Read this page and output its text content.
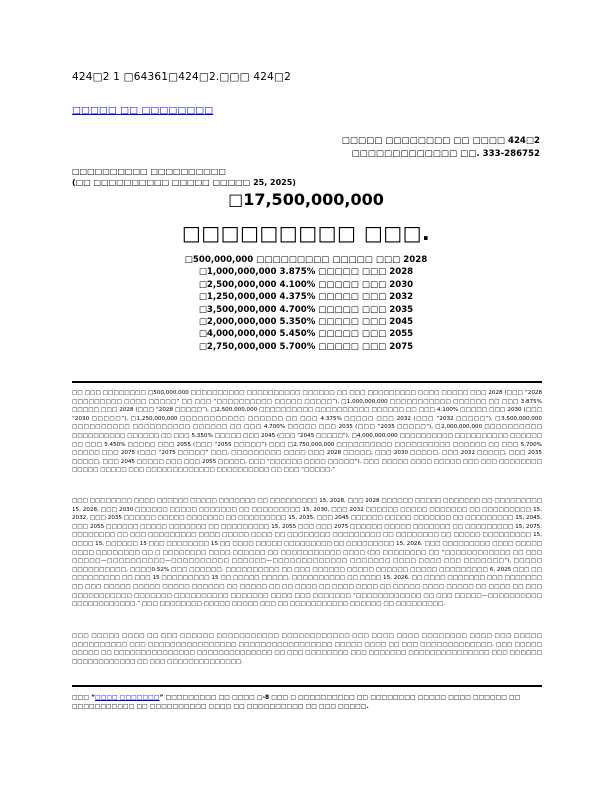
424□2 1 □64361□424□2.□□□ 424□2
□□□□□ □□ □□□□□□□□
□□□□□ □□□□□□□□ □□ □□□□ 424□2
□□□□□□□□□□□□□ □□. 333-286752
□□□□□□□□□□ □□□□□□□□□□
(□□ □□□□□□□□□□ □□□□□ □□□□□ 25, 2025)
□17,500,000,000
□□□□□□□□□ □□□.
□500,000,000 □□□□□□□□□ □□□□□ □□□ 2028
□1,000,000,000 3.875% □□□□□ □□□ 2028
□2,500,000,000 4.100% □□□□□ □□□ 2030
□1,250,000,000 4.375% □□□□□ □□□ 2032
□3,500,000,000 4.700% □□□□□ □□□ 2035
□2,000,000,000 5.350% □□□□□ □□□ 2045
□4,000,000,000 5.450% □□□□□ □□□ 2055
□2,750,000,000 5.700% □□□□□ □□□ 2075
□□ □□□ □□□□□□□□ □500,000,000 □□□□□□□□□□ □□□□□□□□□□ □□□□□□ □□ □□□ □□□□□□□□□ □□□□ □□□□□ □□□ 2028 (□□□ “2028 □□□□□□□□□ □□□□ □□□□□” □□ □□□ “□□□□□□□□□□ □□□□□ □□□□□”), □1,000,000,000 □□□□□□□□□□□ □□□□□□ □□ □□□ 3.875% □□□□□ □□□ 2028 (□□□ “2028 □□□□□”), □2,500,000,000 □□□□□□□□□□ □□□□□□□□□□ □□□□□□ □□ □□□ 4.100% □□□□□ □□□ 2030 (□□□ “2030 □□□□□”), □1,250,000,000 □□□□□□□□□□□ □□□□□□ □□ □□□ 4.375% □□□□□ □□□ 2032 (□□□ “2032 □□□□□”), □3,500,000,000 □□□□□□□□□□ □□□□□□□□□□ □□□□□□ □□ □□□ 4.700% □□□□□ □□□ 2035 (□□□ “2035 □□□□□”), □2,000,000,000 □□□□□□□□□□ □□□□□□□□□□ □□□□□□ □□ □□□ 5.350% □□□□□ □□□ 2045 (□□□ “2045 □□□□□”), □4,000,000,000 □□□□□□□□□□ □□□□□□□□□□ □□□□□□ □□ □□□ 5.450% □□□□□ □□□ 2055 (□□□ “2055 □□□□□”) □□□ □2,750,000,000 □□□□□□□□□□ □□□□□□□□□□ □□□□□□ □□ □□□ 5.700% □□□□□ □□□ 2075 (□□□ “2075 □□□□□” □□□, □□□□□□□□□ □□□□ □□□ 2028 □□□□□, □□□ 2030 □□□□□, □□□ 2032 □□□□□, □□□ 2035 □□□□□, □□□ 2045 □□□□□ □□□ □□□ 2055 □□□□□, □□□ “□□□□□□ □□□□ □□□□□”). □□□ □□□□□ □□□□ □□□□□ □□□ □□□ □□□□□□□□ □□□□□ □□□□□ □□□ □□□□□□□□□□□□□ □□□□□□□□□□ □□ □□□ “□□□□□.”
□□□ □□□□□□□□ □□□□ □□□□□□ □□□□□ □□□□□□□ □□ □□□□□□□□□ 15, 2028, □□□ 2028 □□□□□□ □□□□□ □□□□□□□ □□ □□□□□□□□□ 15, 2028, □□□ 2030 □□□□□□ □□□□□ □□□□□□□ □□ □□□□□□□□□ 15, 2030, □□□ 2032 □□□□□□ □□□□□ □□□□□□□ □□ □□□□□□□□□ 15, 2032, □□□ 2035 □□□□□□ □□□□□ □□□□□□□ □□ □□□□□□□□□ 15, 2035, □□□ 2045 □□□□□□ □□□□□ □□□□□□□ □□ □□□□□□□□□ 15, 2045, □□□ 2055 □□□□□□ □□□□□ □□□□□□□ □□ □□□□□□□□□ 15, 2055 □□□ □□□ 2075 □□□□□□ □□□□□ □□□□□□□ □□ □□□□□□□□□ 15, 2075. □□□□□□□□ □□ □□□ □□□□□□□□□ □□□□ □□□□□ □□□□ □□ □□□□□□□□ □□□□□□□□□ □□ □□□□□□□□ □□ □□□□□ □□□□□□□□□ 15, □□□□ 15, □□□□□□ 15 □□□ □□□□□□□□ 15 □□ □□□□ □□□□□ □□□□□□□□□ □□ □□□□□□□□□ 15, 2026. □□□ □□□□□□□□□ □□□□ □□□□□ □□□□ □□□□□□□□ □□ □ □□□□□□□□ □□□□ □□□□□□ □□ □□□□□□□□□□□ □□□□ (□□ □□□□□□□□ □□ “□□□□□□□□□□□□ □□ □□□ □□□□□—□□□□□□□□□□—□□□□□□□□□□ □□□□□□—□□□□□□□□□□□□□ □□□□□□□ □□□□ □□□□ □□□ □□□□□□□”), □□□□□ □□□□□□□□□□, □□□□0.52% □□□ □□□□□□. □□□□□□□□□□ □□ □□□ □□□□□□ □□□□□ □□□□□□ □□□□□ □□□□□□□□□ 6, 2025 □□□ □□ □□□□□□□□□ □□ □□□ 15 □□□□□□□□□ 15 □□ □□□□□ □□□□□, □□□□□□□□□□ □□ □□□□ 15, 2026. □□ □□□□ □□□□□□□ □□□ □□□□□□□ □□ □□□ □□□□□ □□□□□ □□□□□ □□□□□□ □□ □□□□□ □□ □□ □□□□ □□ □□□□ □□□□ □□ □□□□□ □□□□ □□□□□ □□ □□□□ □□ □□□ □□□□□□□□□□□ □□□□□□□ □□□□□□□□□□ □□□□□□□ □□□□ □□□ □□□□□□□ “□□□□□□□□□□□□ □□ □□□ □□□□□—□□□□□□□□□□ □□□□□□□□□□□□.” □□□ □□□□□□□□ □□□□□ □□□□□ □□□ □□ □□□□□□□□□□□ □□□□□□ □□ □□□□□□□□□.
□□□ □□□□□ □□□□ □□ □□□ □□□□□□ □□□□□□□□□□□ □□□□□□□□□□□□ □□□ □□□□ □□□□ □□□□□□□□ □□□□ □□□ □□□□□ □□□□□□□□□□ □□□ □□□□□□□□□□□□□□□□ □□□□□□□□□□□□□□□□□ □□□□□ □□□□ □□ □□□ □□□□□□□□□□□□□. □□□ □□□□□ □□□□□ □□ □□□□□□□□□□□□□□□ □□□□□□□□□□□□□□ □□ □□□ □□□□□□□□ □□□ □□□□□□□ □□□□□□□□□□□□□□□ □□□ □□□□□□ □□□□□□□□□□□□ □□ □□□ □□□□□□□□□□□□□□.
□□□ “□□□□ □□□□□□□” □□□□□□□□□ □□ □□□□ □-8 □□□ □ □□□□□□□□□□ □□ □□□□□□□□ □□□□□ □□□□ □□□□□□ □□ □□□□□□□□□□□ □□ □□□□□□□□□□ □□□□ □□ □□□□□□□□□□ □□ □□□ □□□□□.
